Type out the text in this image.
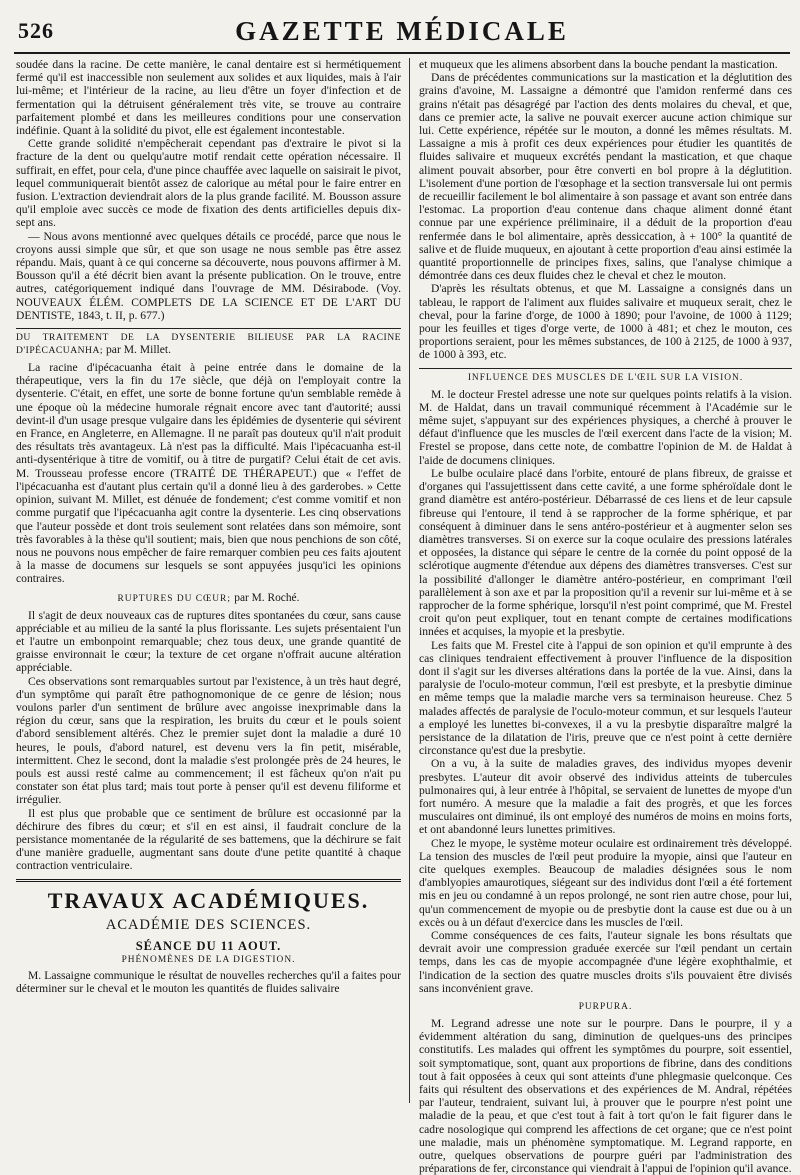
526	GAZETTE MÉDICALE

soudée dans la racine. De cette manière, le canal dentaire est si hermétiquement fermé qu'il est inaccessible non seulement aux solides et aux liquides, mais à l'air lui-même; et l'intérieur de la racine, au lieu d'être un foyer d'infection et de fermentation qui la détruisent généralement très vite, se trouve au contraire parfaitement plombé et dans les meilleures conditions pour une conservation indéfinie. Quant à la solidité du pivot, elle est également incontestable.

Cette grande solidité n'empêcherait cependant pas d'extraire le pivot si la fracture de la dent ou quelqu'autre motif rendait cette opération nécessaire. Il suffirait, en effet, pour cela, d'une pince chauffée avec laquelle on saisirait le pivot, lequel communiquerait bientôt assez de calorique au métal pour le faire entrer en fusion. L'extraction deviendrait alors de la plus grande facilité. M. Bousson assure qu'il emploie avec succès ce mode de fixation des dents artificielles depuis dix-sept ans.

— Nous avons mentionné avec quelques détails ce procédé, parce que nous le croyons aussi simple que sûr, et que son usage ne nous semble pas être assez répandu. Mais, quant à ce qui concerne sa découverte, nous pouvons affirmer à M. Bousson qu'il a été décrit bien avant la présente publication. On le trouve, entre autres, catégoriquement indiqué dans l'ouvrage de MM. Désirabode. (Voy. NOUVEAUX ÉLÉM. COMPLETS DE LA SCIENCE ET DE L'ART DU DENTISTE, 1843, t. II, p. 677.)

DU TRAITEMENT DE LA DYSENTERIE BILIEUSE PAR LA RACINE D'IPÉCACUANHA; par M. Millet.

La racine d'ipécacuanha était à peine entrée dans le domaine de la thérapeutique, vers la fin du 17e siècle, que déjà on l'employait contre la dysenterie. C'était, en effet, une sorte de bonne fortune qu'un semblable remède à une époque où la médecine humorale régnait encore avec tant d'autorité; aussi devint-il d'un usage presque vulgaire dans les épidémies de dysenterie qui sévirent en France, en Angleterre, en Allemagne. Il ne paraît pas douteux qu'il n'ait produit des résultats très avantageux. Là n'est pas la difficulté. Mais l'ipécacuanha est-il anti-dysentérique à titre de vomitif, ou à titre de purgatif? Celui était de cet avis. M. Trousseau professe encore (TRAITÉ DE THÉRAPEUT.) que « l'effet de l'ipécacuanha est d'autant plus certain qu'il a donné lieu à des garderobes. » Cette opinion, suivant M. Millet, est dénuée de fondement; c'est comme vomitif et non comme purgatif que l'ipécacuanha agit contre la dysenterie. Les cinq observations que l'auteur possède et dont trois seulement sont relatées dans son mémoire, sont très favorables à la thèse qu'il soutient; mais, bien que nous penchions de son côté, nous ne pouvons nous empêcher de faire remarquer combien peu ces faits ajoutent à la masse de documens sur lesquels se sont appuyées jusqu'ici les opinions contraires.

RUPTURES DU CŒUR; par M. Roché.

Il s'agit de deux nouveaux cas de ruptures dites spontanées du cœur, sans cause appréciable et au milieu de la santé la plus florissante. Les sujets présentaient l'un et l'autre un embonpoint remarquable; chez tous deux, une grande quantité de graisse environnait le cœur; la texture de cet organe n'offrait aucune altération appréciable.

Ces observations sont remarquables surtout par l'existence, à un très haut degré, d'un symptôme qui paraît être pathognomonique de ce genre de lésion; nous voulons parler d'un sentiment de brûlure avec angoisse inexprimable dans la région du cœur, sans que la respiration, les bruits du cœur et le pouls soient d'abord sensiblement altérés. Chez le premier sujet dont la maladie a duré 10 heures, le pouls, d'abord naturel, est devenu vers la fin petit, misérable, intermittent. Chez le second, dont la maladie s'est prolongée près de 24 heures, le pouls est aussi resté calme au commencement; il est fâcheux qu'on n'ait pu constater son état plus tard; mais tout porte à penser qu'il est devenu filiforme et irrégulier.

Il est plus que probable que ce sentiment de brûlure est occasionné par la déchirure des fibres du cœur; et s'il en est ainsi, il faudrait conclure de la persistance momentanée de la régularité de ses battemens, que la déchirure se fait d'une manière graduelle, augmentant sans doute d'une petite quantité à chaque contraction ventriculaire.

TRAVAUX ACADÉMIQUES.
ACADÉMIE DES SCIENCES.
SÉANCE DU 11 AOUT.
PHÉNOMÈNES DE LA DIGESTION.

M. Lassaigne communique le résultat de nouvelles recherches qu'il a faites pour déterminer sur le cheval et le mouton les quantités de fluides salivaire

et muqueux que les alimens absorbent dans la bouche pendant la mastication.

Dans de précédentes communications sur la mastication et la déglutition des grains d'avoine, M. Lassaigne a démontré que l'amidon renfermé dans ces grains n'était pas désagrégé par l'action des dents molaires du cheval, et que, dans ce premier acte, la salive ne pouvait exercer aucune action chimique sur lui. Cette expérience, répétée sur le mouton, a donné les mêmes résultats. M. Lassaigne a mis à profit ces deux expériences pour étudier les quantités de fluides salivaire et muqueux excrétés pendant la mastication, et que chaque aliment pouvait absorber, pour être converti en bol propre à la déglutition. L'isolement d'une portion de l'œsophage et la section transversale lui ont permis de recueillir facilement le bol alimentaire à son passage et avant son entrée dans l'estomac. La proportion d'eau contenue dans chaque aliment donné étant connue par une expérience préliminaire, il a déduit de la proportion d'eau renfermée dans le bol alimentaire, après dessiccation, à + 100° la quantité de salive et de fluide muqueux, en ajoutant à cette proportion d'eau ainsi estimée la quantité proportionnelle de principes fixes, salins, que l'analyse chimique a démontrée dans ces deux fluides chez le cheval et chez le mouton.

D'après les résultats obtenus, et que M. Lassaigne a consignés dans un tableau, le rapport de l'aliment aux fluides salivaire et muqueux serait, chez le cheval, pour la farine d'orge, de 1000 à 1890; pour l'avoine, de 1000 à 1129; pour les feuilles et tiges d'orge verte, de 1000 à 481; et chez le mouton, ces proportions seraient, pour les mêmes substances, de 100 à 2125, de 1000 à 937, de 1000 à 393, etc.

INFLUENCE DES MUSCLES DE L'ŒIL SUR LA VISION.

M. le docteur Frestel adresse une note sur quelques points relatifs à la vision. M. de Haldat, dans un travail communiqué récemment à l'Académie sur le même sujet, s'appuyant sur des expériences physiques, a cherché à prouver le défaut d'influence que les muscles de l'œil exercent dans l'acte de la vision; M. Frestel se propose, dans cette note, de combattre l'opinion de M. de Haldat à l'aide de documens cliniques.

Le bulbe oculaire placé dans l'orbite, entouré de plans fibreux, de graisse et d'organes qui l'assujettissent dans cette cavité, a une forme sphéroïdale dont le grand diamètre est antéro-postérieur. Débarrassé de ces liens et de leur capsule fibreuse qui l'entoure, il tend à se rapprocher de la forme sphérique, et par conséquent à diminuer dans le sens antéro-postérieur et à augmenter selon ses diamètres transverses. Si on exerce sur la coque oculaire des pressions latérales et opposées, la distance qui sépare le centre de la cornée du point opposé de la sclérotique augmente d'étendue aux dépens des diamètres transverses. C'est sur la possibilité d'allonger le diamètre antéro-postérieur, en comprimant l'œil parallèlement à son axe et par la proposition qu'il a revenir sur lui-même et à se rapprocher de la forme sphérique, lorsqu'il n'est point comprimé, que M. Frestel croit qu'on peut expliquer, tout en tenant compte de certaines modifications innées et acquises, la myopie et la presbytie.

Les faits que M. Frestel cite à l'appui de son opinion et qu'il emprunte à des cas cliniques tendraient effectivement à prouver l'influence de la disposition dont il s'agit sur les diverses altérations dans la portée de la vue. Ainsi, dans la paralysie de l'oculo-moteur commun, l'œil est presbyte, et la presbytie diminue en même temps que la maladie marche vers sa terminaison heureuse. Chez 5 malades affectés de paralysie de l'oculo-moteur commun, et sur lesquels l'auteur a employé les lunettes bi-convexes, il a vu la presbytie disparaître malgré la persistance de la dilatation de l'iris, preuve que ce n'est point à cette dernière circonstance qu'est due la presbytie.

On a vu, à la suite de maladies graves, des individus myopes devenir presbytes. L'auteur dit avoir observé des individus atteints de tubercules pulmonaires qui, à leur entrée à l'hôpital, se servaient de lunettes de myope d'un fort numéro. A mesure que la maladie a fait des progrès, et que les forces musculaires ont diminué, ils ont employé des numéros de moins en moins forts, et ont abandonné leurs lunettes primitives.

Chez le myope, le système moteur oculaire est ordinairement très développé. La tension des muscles de l'œil peut produire la myopie, ainsi que l'auteur en cite quelques exemples. Beaucoup de maladies désignées sous le nom d'amblyopies amaurotiques, siégeant sur des individus dont l'œil a été fortement mis en jeu ou condamné à un repos prolongé, ne sont rien autre chose, pour lui, qu'un commencement de myopie ou de presbytie dont la cause est due ou à un excès ou à un défaut d'exercice dans les muscles de l'œil.

Comme conséquences de ces faits, l'auteur signale les bons résultats que devrait avoir une compression graduée exercée sur l'œil pendant un certain temps, dans les cas de myopie accompagnée d'une légère exophthalmie, et l'indication de la section des quatre muscles droits s'ils pouvaient être divisés sans inconvénient grave.

PURPURA.

M. Legrand adresse une note sur le pourpre. Dans le pourpre, il y a évidemment altération du sang, diminution de quelques-uns des principes constitutifs. Les malades qui offrent les symptômes du pourpre, soit essentiel, soit symptomatique, sont, quant aux proportions de fibrine, dans des conditions tout à fait opposées à ceux qui sont atteints d'une phlegmasie quelconque. Ces faits qui résultent des observations et des expériences de M. Andral, répétées par l'auteur, tendraient, suivant lui, à prouver que le pourpre n'est point une maladie de la peau, et que c'est tout à fait à tort qu'on le fait figurer dans le cadre nosologique qui comprend les affections de cet organe; que ce n'est point une maladie, mais un phénomène symptomatique. M. Legrand rapporte, en outre, quelques observations de pourpre guéri par l'administration des préparations de fer, circonstance qui viendrait à l'appui de l'opinion qu'il avance.
